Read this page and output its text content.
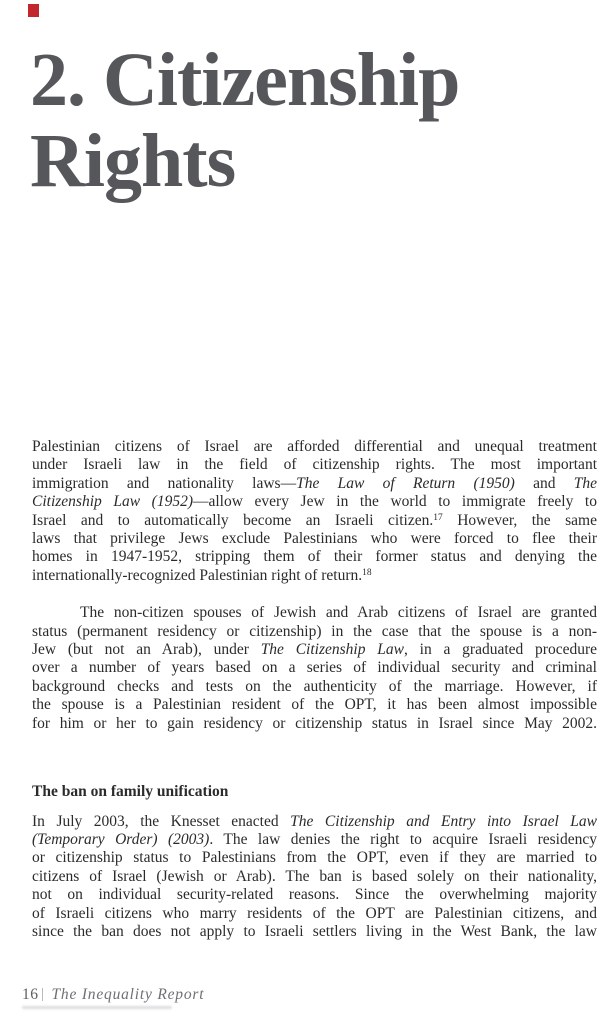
2. Citizenship
Rights
Palestinian citizens of Israel are afforded differential and unequal treatment
under Israeli law in the field of citizenship rights. The most important
immigration and nationality laws—The Law of Return (1950) and The
Citizenship Law (1952)—allow every Jew in the world to immigrate freely to
Israel and to automatically become an Israeli citizen.$^{17}$ However, the same
laws that privilege Jews exclude Palestinians who were forced to flee their
homes in 1947-1952, stripping them of their former status and denying the
internationally-recognized Palestinian right of return.$^{18}$
The non-citizen spouses of Jewish and Arab citizens of Israel are granted
status (permanent residency or citizenship) in the case that the spouse is a non-
Jew (but not an Arab), under The Citizenship Law, in a graduated procedure
over a number of years based on a series of individual security and criminal
background checks and tests on the authenticity of the marriage. However, if
the spouse is a Palestinian resident of the OPT, it has been almost impossible
for him or her to gain residency or citizenship status in Israel since May 2002.
The ban on family unification
In July 2003, the Knesset enacted The Citizenship and Entry into Israel Law
(Temporary Order) (2003). The law denies the right to acquire Israeli residency
or citizenship status to Palestinians from the OPT, even if they are married to
citizens of Israel (Jewish or Arab). The ban is based solely on their nationality,
not on individual security-related reasons. Since the overwhelming majority
of Israeli citizens who marry residents of the OPT are Palestinian citizens, and
since the ban does not apply to Israeli settlers living in the West Bank, the law
16 The Inequality Report
